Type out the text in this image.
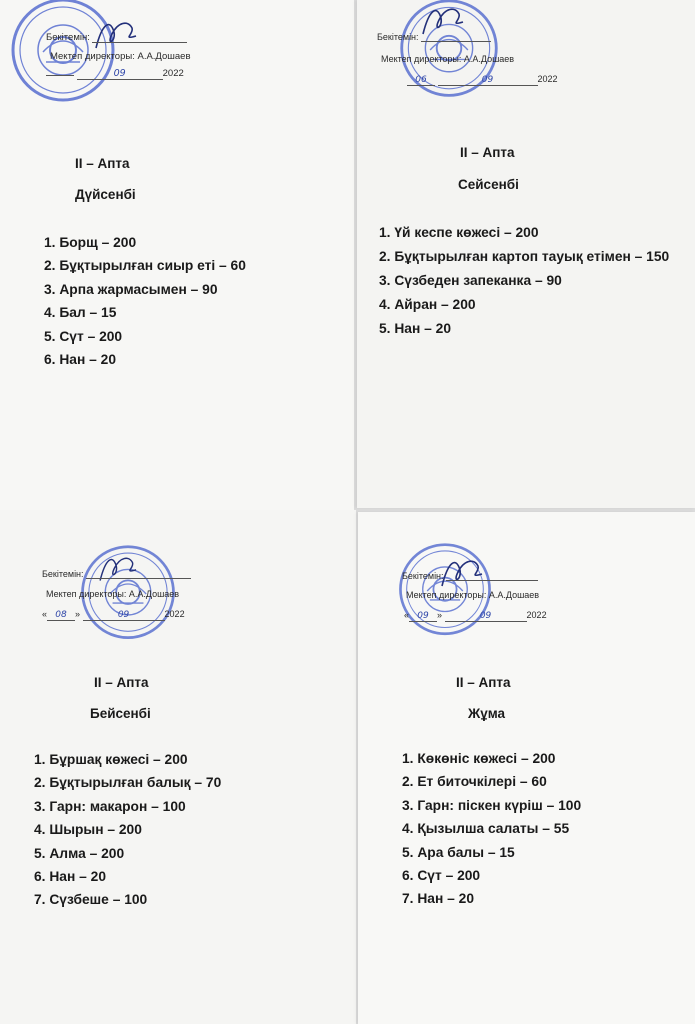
Бекітемін:
Мектеп директоры: А.А.Дошаев
09	2022
ІІ – Апта
Дүйсенбі
1. Борщ – 200
2. Бұқтырылған сиыр еті – 60
3. Арпа жармасымен – 90
4. Бал – 15
5. Сүт – 200
6. Нан – 20
Бекітемін:
Мектеп директоры: А.А.Дошаев
06	09	2022
ІІ – Апта
Сейсенбі
1. Үй кеспе көжесі – 200
2. Бұқтырылған картоп тауық етімен – 150
3. Сүзбеден запеканка – 90
4. Айран – 200
5. Нан – 20
Бекітемін:
Мектеп директоры: А.А.Дошаев
« 08 »	09	2022
ІІ – Апта
Бейсенбі
1. Бұршақ көжесі – 200
2. Бұқтырылған балық – 70
3. Гарн: макарон – 100
4. Шырын – 200
5. Алма – 200
6. Нан – 20
7. Сүзбеше – 100
Бекітемін:
Мектеп директоры: А.А.Дошаев
« 09 »	09	2022
ІІ – Апта
Жұма
1. Көкөніс көжесі – 200
2. Ет биточкілері – 60
3. Гарн: піскен күріш – 100
4. Қызылша салаты – 55
5. Ара балы – 15
6. Сүт – 200
7. Нан – 20
